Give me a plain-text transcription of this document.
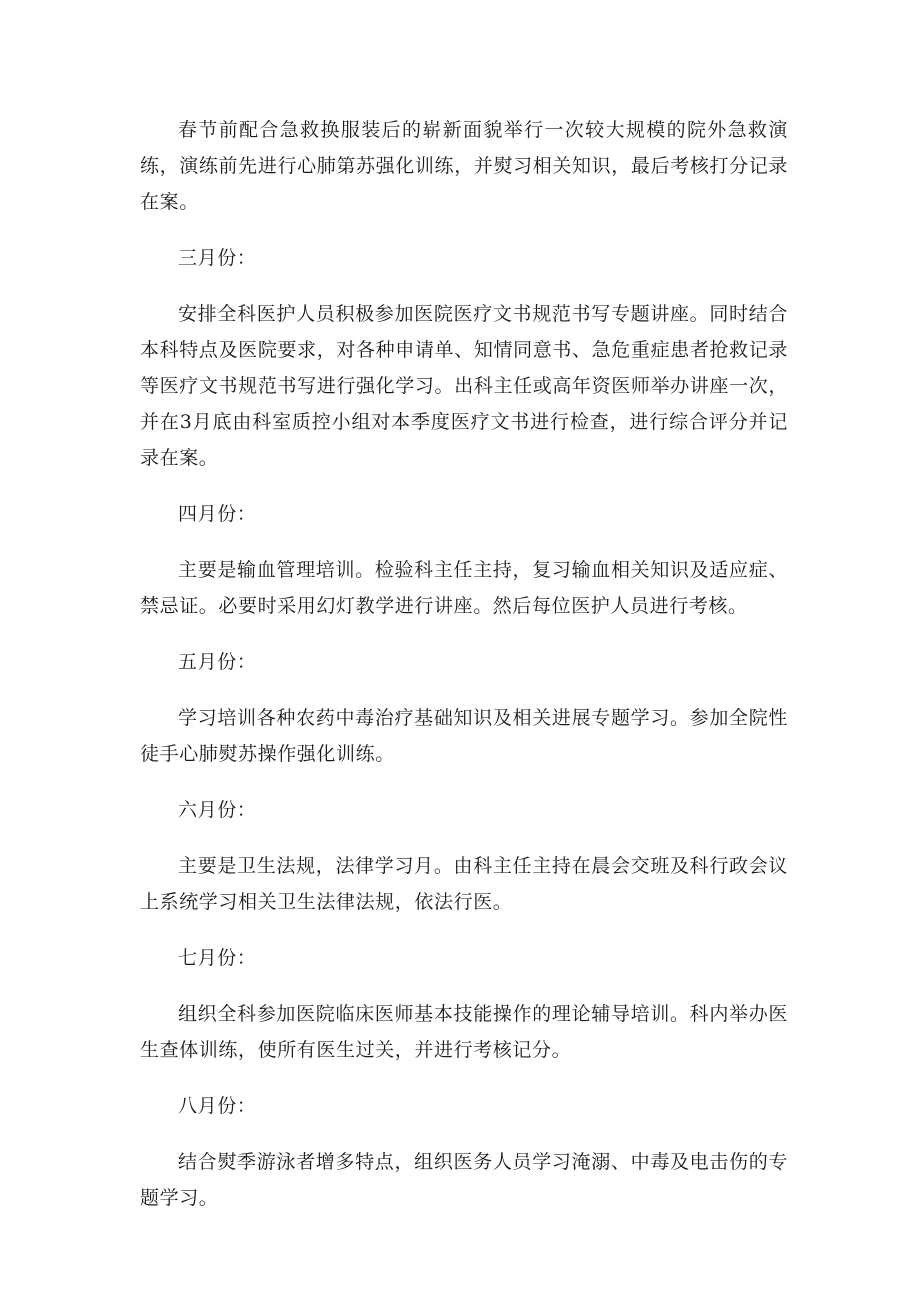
春节前配合急救换服装后的崭新面貌举行一次较大规模的院外急救演练，演练前先进行心肺第苏强化训练，并熨习相关知识，最后考核打分记录在案。

三月份：

安排全科医护人员积极参加医院医疗文书规范书写专题讲座。同时结合本科特点及医院要求，对各种申请单、知情同意书、急危重症患者抢救记录等医疗文书规范书写进行强化学习。出科主任或高年资医师举办讲座一次，并在3月底由科室质控小组对本季度医疗文书进行检查，进行综合评分并记录在案。

四月份：

主要是输血管理培训。检验科主任主持，复习输血相关知识及适应症、禁忌证。必要时采用幻灯教学进行讲座。然后每位医护人员进行考核。

五月份：

学习培训各种农药中毒治疗基础知识及相关进展专题学习。参加全院性徒手心肺熨苏操作强化训练。

六月份：

主要是卫生法规，法律学习月。由科主任主持在晨会交班及科行政会议上系统学习相关卫生法律法规，依法行医。

七月份：

组织全科参加医院临床医师基本技能操作的理论辅导培训。科内举办医生查体训练，使所有医生过关，并进行考核记分。

八月份：

结合熨季游泳者增多特点，组织医务人员学习淹溺、中毒及电击伤的专题学习。
